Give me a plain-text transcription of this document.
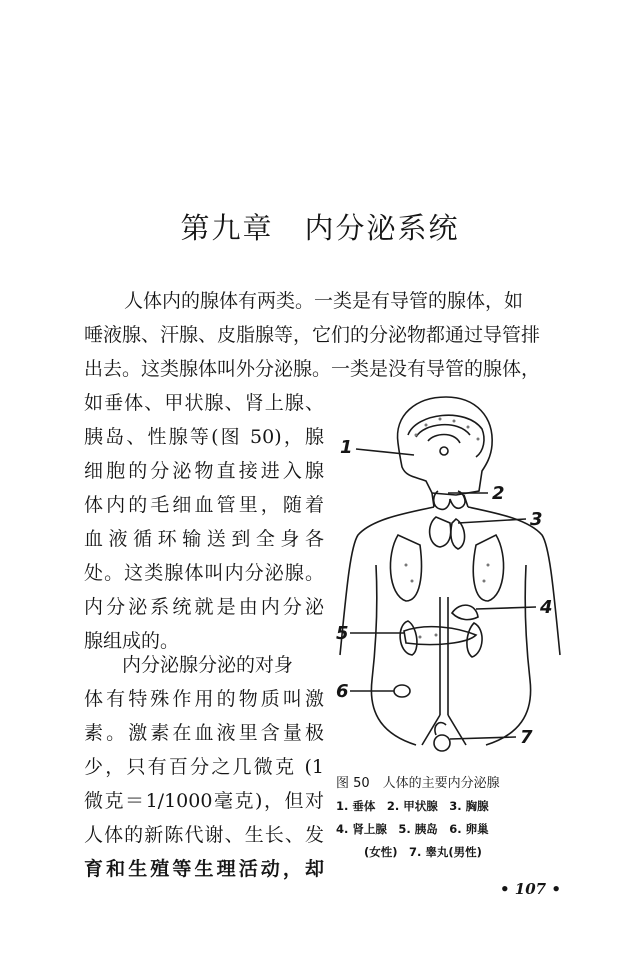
第九章　内分泌系统
人体内的腺体有两类。一类是有导管的腺体，如
唾液腺、汗腺、皮脂腺等，它们的分泌物都通过导管排
出去。这类腺体叫外分泌腺。一类是没有导管的腺体，
如垂体、甲状腺、肾上腺、
胰岛、性腺等(图 50)，腺
细胞的分泌物直接进入腺
体内的毛细血管里，随着
血液循环输送到全身各
处。这类腺体叫内分泌腺。
内分泌系统就是由内分泌
腺组成的。
内分泌腺分泌的对身
体有特殊作用的物质叫激
素。激素在血液里含量极
少，只有百分之几微克 (1
微克＝1/1000毫克)，但对
人体的新陈代谢、生长、发
育和生殖等生理活动，却
1
2
3
4
5
6
7
图 50　人体的主要内分泌腺
1. 垂体　2. 甲状腺　3. 胸腺
4. 肾上腺　5. 胰岛　6. 卵巢
(女性)　7. 睾丸(男性)
• 107 •
